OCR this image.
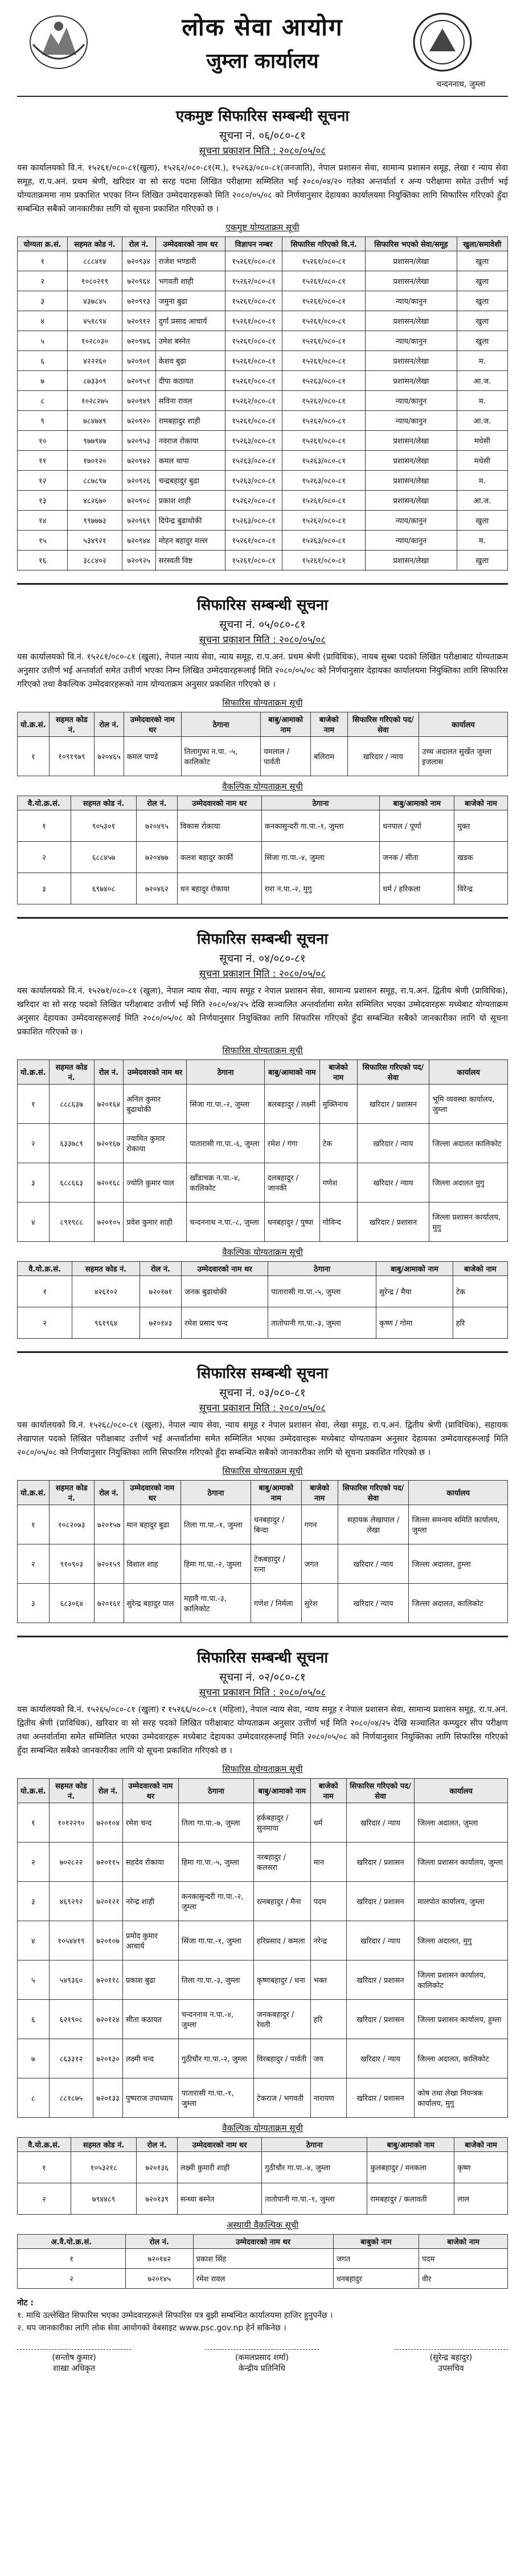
लोक सेवा आयोग
जुम्ला कार्यालय
चन्दननाथ, जुम्ला
एकमुष्ट सिफारिस सम्बन्धी सूचना
सूचना नं. ०६/०८०-८१
सूचना प्रकाशन मिति : २०८०/०५/०८
यस कार्यालयको वि.नं. १५२६१/०८०-८१(खुला), १५२६२/०८०-८१(म.), १५२६३/०८०-८१(जनजाति), नेपाल प्रशासन सेवा, सामान्य प्रशासन समूह, लेखा र न्याय सेवा समूह, रा.प.अनं. प्रथम श्रेणी, खरिदार वा सो सरह पदमा लिखित परीक्षामा सम्मिलित भई २०८०/०४/२० गतेका अन्तर्वार्ता र अन्य परीक्षामा समेत उत्तीर्ण भई योग्यताक्रममा नाम प्रकाशित भएका निम्न लिखित उम्मेदवारहरूको मिति २०८०/०५/०८ को निर्णयानुसार देहायका कार्यालयमा नियुक्तिका लागि सिफारिस गरिएको हुँदा सम्बन्धित सबैको जानकारीका लागि यो सूचना प्रकाशित गरिएको छ ।
एकमुष्ट योग्यताक्रम सूची
योग्यता क्र.सं.	सहमत कोड नं.	रोल नं.	उम्मेदवारको नाम थर	विज्ञापन नम्बर	सिफारिस गरिएको वि.नं.	सिफारिस भएको सेवा/समूह	खुला/समावेशी
१	८८८४१४	७२०९३४	राजेश भण्डारी	१५२६१/०८०-८१	१५२६१/०८०-८१	प्रशासन/लेखा	खुला
२	१०८०२१९	७२०९६४	भगवती शाही	१५२६२/०८०-८१	१५२६१/०८०-८१	प्रशासन/लेखा	खुला
३	४३७८४५	७२०९१३	जमुना बुढा	१५२६१/०८०-८१	१५२६१/०८०-८१	न्याय/कानुन	खुला
४	४५१८९४	७२०९१२	दुर्गा प्रसाद आचार्य	१५२६१/०८०-८१	१५२६१/०८०-८१	प्रशासन/लेखा	खुला
५	१०२८०३०	७२०९४६	उमेश बस्नेत	१५२६१/०८०-८१	१५२६१/०८०-८१	न्याय/कानुन	खुला
६	४२२२६०	७२०९०१	केशव बुढा	१५२६१/०८०-८१	१५२६१/०८०-८१	प्रशासन/लेखा	म.
७	८७३३०९	७२०९५१	दीपा कठायत	१५२६१/०८०-८१	१५२६३/०८०-८१	प्रशासन/लेखा	आ.ज.
८	१०२८२७५	७२०९४९	सविना रावल	१५२६२/०८०-८१	१५२६२/०८०-८१	न्याय/कानुन	म.
९	७८४७४९	७२०९२०	रामबहादुर शाही	१५२६१/०८०-८१	१५२६२/०८०-८१	न्याय/कानुन	आ.ज.
१०	९७७९४७	७२०९५३	नवराज रोकाया	१५२६३/०८०-८१	१५२६१/०८०-८१	प्रशासन/लेखा	मधेसी
११	१७०१२०	७२०९४२	कमल थापा	१५२६३/०८०-८१	१५२६३/०८०-८१	प्रशासन/लेखा	मधेसी
१२	८८७८९७	७२०९२६	चन्द्रबहादुर बुढा	१५२६३/०८०-८१	१५२६३/०८०-८१	प्रशासन/लेखा	म.
१३	४८२६७०	७२०९०८	प्रकाश शाही	१५२६२/०८०-८१	१५२६१/०८०-८१	प्रशासन/लेखा	आ.ज.
१४	९९७७७३	७२०९६९	दिपेन्द्र बुढाथोकी	१५२६३/०८०-८१	१५२६२/०८०-८१	न्याय/कानुन	खुला
१५	५३४९२१	७२०९४४	मोहन बहादुर मल्ल	१५२६१/०८०-८१	१५२६३/०८०-८१	न्याय/कानुन	म.
१६	३८८४०२	७२०९२५	सरस्वती विष्ट	१५२६१/०८०-८१	१५२६१/०८०-८१	प्रशासन/लेखा	खुला
सिफारिस सम्बन्धी सूचना
सूचना नं. ०५/०८०-८१
सूचना प्रकाशन मिति : २०८०/०५/०८
यस कार्यालयको वि.नं. १५२८१/०८०-८१ (खुला), नेपाल न्याय सेवा, न्याय समूह, रा.प.अनं. प्रथम श्रेणी (प्राविधिक), नायब सुब्बा पदको लिखित परीक्षाबाट योग्यताक्रम अनुसार उत्तीर्ण भई अन्तर्वार्ता समेत उत्तीर्ण भएका निम्न लिखित उम्मेदवारहरूलाई मिति २०८०/०५/०८ को निर्णयानुसार देहायका कार्यालयमा नियुक्तिका लागि सिफारिस गरिएको तथा वैकल्पिक उम्मेदवारहरूको नाम योग्यताक्रम अनुसार प्रकाशित गरिएको छ ।
सिफारिस योग्यताक्रम सूची
यो.क्र.सं.	सहमत कोड नं.	रोल नं.	उम्मेदवारको नाम थर	ठेगाना	बाबु/आमाको नाम	बाजेको नाम	सिफारिस गरिएको पद/सेवा	कार्यालय
१	१०९१९७९	७२०४६५	कमल पाण्डे	तिलागुफा न.पा. -५, कालिकोट	यमलाल / पार्वती	बलिराम	खरिदार / न्याय	उच्च अदालत सुर्खेत जुम्ला इजलास
वैकल्पिक योग्यताक्रम सूची
वै.यो.क्र.सं.	सहमत कोड नं.	रोल नं.	उम्मेदवारको नाम थर	ठेगाना	बाबु/आमाको नाम	बाजेको नाम
१	९०५३०१	७२०४९५	विकास रोकाया	कनकासुन्दरी गा.पा.-१, जुम्ला	धनपाल / पूर्णा	मुक्त
२	६८८४५७	७२०४७७	कलश बहादुर कार्की	सिंजा गा.पा.-४, जुम्ला	जनक / सीता	खडक
३	६९७४०८	७२०४६२	धन बहादुर रोकाया	रारा न.पा.-२, मुगु	धर्म / हरिकला	विरेन्द्र
सिफारिस सम्बन्धी सूचना
सूचना नं. ०४/०८०-८१
सूचना प्रकाशन मिति : २०८०/०५/०८
यस कार्यालयको वि.नं. १५२७१/०८०-८१ (खुला), नेपाल न्याय सेवा, न्याय समूह र नेपाल प्रशासन सेवा, सामान्य प्रशासन समूह, रा.प.अनं. द्वितीय श्रेणी (प्राविधिक), खरिदार वा सो सरह पदको लिखित परीक्षाबाट उत्तीर्ण भई मिति २०८०/०४/२५ देखि सञ्चालित अन्तर्वार्तामा समेत सम्मिलित भएका उम्मेदवारहरू मध्येबाट योग्यताक्रम अनुसार देहायका उम्मेदवारहरूलाई मिति २०८०/०५/०८ को निर्णयानुसार नियुक्तिका लागि सिफारिस गरिएको हुँदा सम्बन्धित सबैको जानकारीका लागि यो सूचना प्रकाशित गरिएको छ ।
सिफारिस योग्यताक्रम सूची
यो.क्र.सं.	सहमत कोड नं.	रोल नं.	उम्मेदवारको नाम थर	ठेगाना	बाबु/आमाको नाम	बाजेको नाम	सिफारिस गरिएको पद/सेवा	कार्यालय
१	८८८६३७	७२०१६४	अनिल कुमार बुढाथोकी	सिंजा गा.पा.-२, जुम्ला	बलबहादुर / लक्ष्मी	मुक्तिनाथ	खरिदार / प्रशासन	भूमि व्यवस्था कार्यालय, जुम्ला
२	६३३७८९	७२०१६७	ज्यामित कुमार रोकाया	पातारासी गा.पा.-६, जुम्ला	रमेश / गंगा	टेक	खरिदार / न्याय	जिल्ला अदालत कालिकोट
३	६८८६६३	७२०१६८	ज्योति कुमार पाल	खाँडाचक्र न.पा.-४, कालिकोट	दलबहादुर / जानकी	गणेश	खरिदार / न्याय	जिल्ला अदालत मुगु
४	८९१९८८	७२०१०५	प्रवेश कुमार शाही	चन्दननाथ न.पा.-८, जुम्ला	धनबहादुर / पुष्पा	गोविन्द	खरिदार / प्रशासन	जिल्ला प्रशासन कार्यालय, मुगु
वैकल्पिक योग्यताक्रम सूची
वै.यो.क्र.सं.	सहमत कोड नं.	रोल नं.	उम्मेदवारको नाम थर	ठेगाना	बाबु/आमाको नाम	बाजेको नाम
१	४२६१०२	७२०१७१	जनक बुढाथोकी	पातारासी गा.पा.-५, जुम्ला	सुरेन्द्र / मैया	टेक
२	९६१९६४	७२०१४३	रमेश प्रसाद चन्द	तातोपानी गा.पा.-३, जुम्ला	कृष्ण / गोमा	हरि
सिफारिस सम्बन्धी सूचना
सूचना नं. ०३/०८०-८१
सूचना प्रकाशन मिति : २०८०/०५/०८
यस कार्यालयको वि.नं. १५२६८/०८०-८१ (खुला), नेपाल न्याय सेवा, न्याय समूह र नेपाल प्रशासन सेवा, लेखा समूह, रा.प.अनं. द्वितीय श्रेणी (प्राविधिक), सहायक लेखापाल पदको लिखित परीक्षाबाट उत्तीर्ण भई अन्तर्वार्तामा समेत सम्मिलित भएका उम्मेदवारहरू मध्येबाट योग्यताक्रम अनुसार देहायका उम्मेदवारहरूलाई मिति २०८०/०५/०८ को निर्णयानुसार नियुक्तिका लागि सिफारिस गरिएको हुँदा सम्बन्धित सबैको जानकारीका लागि यो सूचना प्रकाशित गरिएको छ ।
सिफारिस योग्यताक्रम सूची
यो.क्र.सं.	सहमत कोड नं.	रोल नं.	उम्मेदवारको नाम थर	ठेगाना	बाबु/आमाको नाम	बाजेको नाम	सिफारिस गरिएको पद/सेवा	कार्यालय
१	१०८२०७३	७२०१५७	मान बहादुर बुढा	तिला गा.पा.-१, जुम्ला	धनबहादुर / बिन्दा	गगन	सहायक लेखापाल / लेखा	जिल्ला समन्वय समिति कार्यालय, जुम्ला
२	९१०९०३	७२०१५९	विशाल शाह	हिमा गा.पा.-२, जुम्ला	टेकबहादुर / रत्ना	जगत	खरिदार / न्याय	जिल्ला अदालत, हुम्ला
३	६८३०६४	७२०१६१	सुरेन्द्र बहादुर पाल	महावै गा.पा.-३, कालिकोट	गणेश / निर्मला	सुरेश	खरिदार / न्याय	जिल्ला अदालत, कालिकोट
सिफारिस सम्बन्धी सूचना
सूचना नं. ०२/०८०-८१
सूचना प्रकाशन मिति : २०८०/०५/०८
यस कार्यालयको वि.नं. १५२६५/०८०-८१ (खुला) र १५२६६/०८०-८१ (महिला), नेपाल न्याय सेवा, न्याय समूह र नेपाल प्रशासन सेवा, सामान्य प्रशासन समूह, रा.प.अनं. द्वितीय श्रेणी (प्राविधिक), खरिदार वा सो सरह पदको लिखित परीक्षाबाट योग्यताक्रम अनुसार उत्तीर्ण भई मिति २०८०/०४/२५ देखि सञ्चालित कम्प्युटर सीप परीक्षण तथा अन्तर्वार्तामा समेत सम्मिलित भएका उम्मेदवारहरू मध्येबाट देहायका उम्मेदवारहरूलाई मिति २०८०/०५/०८ को निर्णयानुसार नियुक्तिका लागि सिफारिस गरिएको हुँदा सम्बन्धित सबैको जानकारीका लागि यो सूचना प्रकाशित गरिएको छ ।
सिफारिस योग्यताक्रम सूची
यो.क्र.सं.	सहमत कोड नं.	रोल नं.	उम्मेदवारको नाम थर	ठेगाना	बाबु/आमाको नाम	बाजेको नाम	सिफारिस गरिएको पद/सेवा	कार्यालय
१	१०१२२९०	७२०१०४	रमेश चन्द	तिला गा.पा.-७, जुम्ला	हर्कबहादुर / सुनमाया	धर्म	खरिदार / न्याय	जिल्ला अदालत, जुम्ला
२	७०२८२२	७२०११५	सहदेव रोकाया	हिमा गा.पा.-५, जुम्ला	नरबहादुर / कलसरा	मान	खरिदार / प्रशासन	जिल्ला प्रशासन कार्यालय, जुम्ला
३	४६९२९२	७२०१२१	नरेन्द्र शाही	कनकासुन्दरी गा.पा.-२, जुम्ला	रत्नबहादुर / मैना	पदम	खरिदार / प्रशासन	मालपोत कार्यालय, जुम्ला
४	१०५४४१९	७२०१०७	प्रमोद कुमार आचार्य	सिंजा गा.पा.-१, जुम्ला	हरिप्रसाद / कमला	नरेन्द्र	खरिदार / न्याय	जिल्ला अदालत, मुगु
५	५४९३६०	७२०११८	प्रकाश बुढा	तिला गा.पा.-३, जुम्ला	कृष्णबहादुर / धना	भक्त	खरिदार / प्रशासन	जिल्ला प्रशासन कार्यालय, कालिकोट
६	६२१९०८	७२०१२४	सीता कठायत	चन्दननाथ न.पा.-४, जुम्ला	जनकबहादुर / रेवती	हरि	खरिदार / प्रशासन	जिल्ला प्रशासन कार्यालय, हुम्ला
७	८६३३१२	७२०१३०	लक्ष्मी चन्द	गुठीचौर गा.पा.-२, जुम्ला	विरबहादुर / पार्वती	जय	खरिदार / न्याय	जिल्ला अदालत, कालिकोट
८	८८१८७५	७२०१३३	पुष्पराज उपाध्याय	पातारासी गा.पा.-१, जुम्ला	टेकराज / भगवती	नारायण	खरिदार / प्रशासन	कोष तथा लेखा नियन्त्रक कार्यालय, मुगु
वैकल्पिक योग्यताक्रम सूची
वै.यो.क्र.सं.	सहमत कोड नं.	रोल नं.	उम्मेदवारको नाम थर	ठेगाना	बाबु/आमाको नाम	बाजेको नाम
१	१०५३२१८	७२०१३६	लक्ष्मी कुमारी शाही	गुठीचौर गा.पा.-४, जुम्ला	कुलबहादुर / मनकला	कृष्ण
२	७९४४८९	७२०१३९	सन्ध्या बस्नेत	तातोपानी गा.पा.-१, जुम्ला	रामबहादुर / कलावती	लाल
अस्थायी वैकल्पिक सूची
अ.वै.यो.क्र.सं.	रोल नं.	उम्मेदवारको नाम थर	बाबुको नाम	बाजेको नाम
१	७२०१४२	प्रकाश सिंह	जगत	पदम
२	७२०१४५	रमेश रावल	धनबहादुर	वीर
नोट :
१. माथि उल्लेखित सिफारिस भएका उम्मेदवारहरूले सिफारिस पत्र बुझी सम्बन्धित कार्यालयमा हाजिर हुनुपर्नेछ ।
२. थप जानकारीका लागि लोक सेवा आयोगको वेबसाइट www.psc.gov.np हेर्न सकिनेछ ।
(सन्तोष कुमार)
शाखा अधिकृत
(कमलप्रसाद शर्मा)
केन्द्रीय प्रतिनिधि
(सुरेन्द्र बहादुर)
उपसचिव
